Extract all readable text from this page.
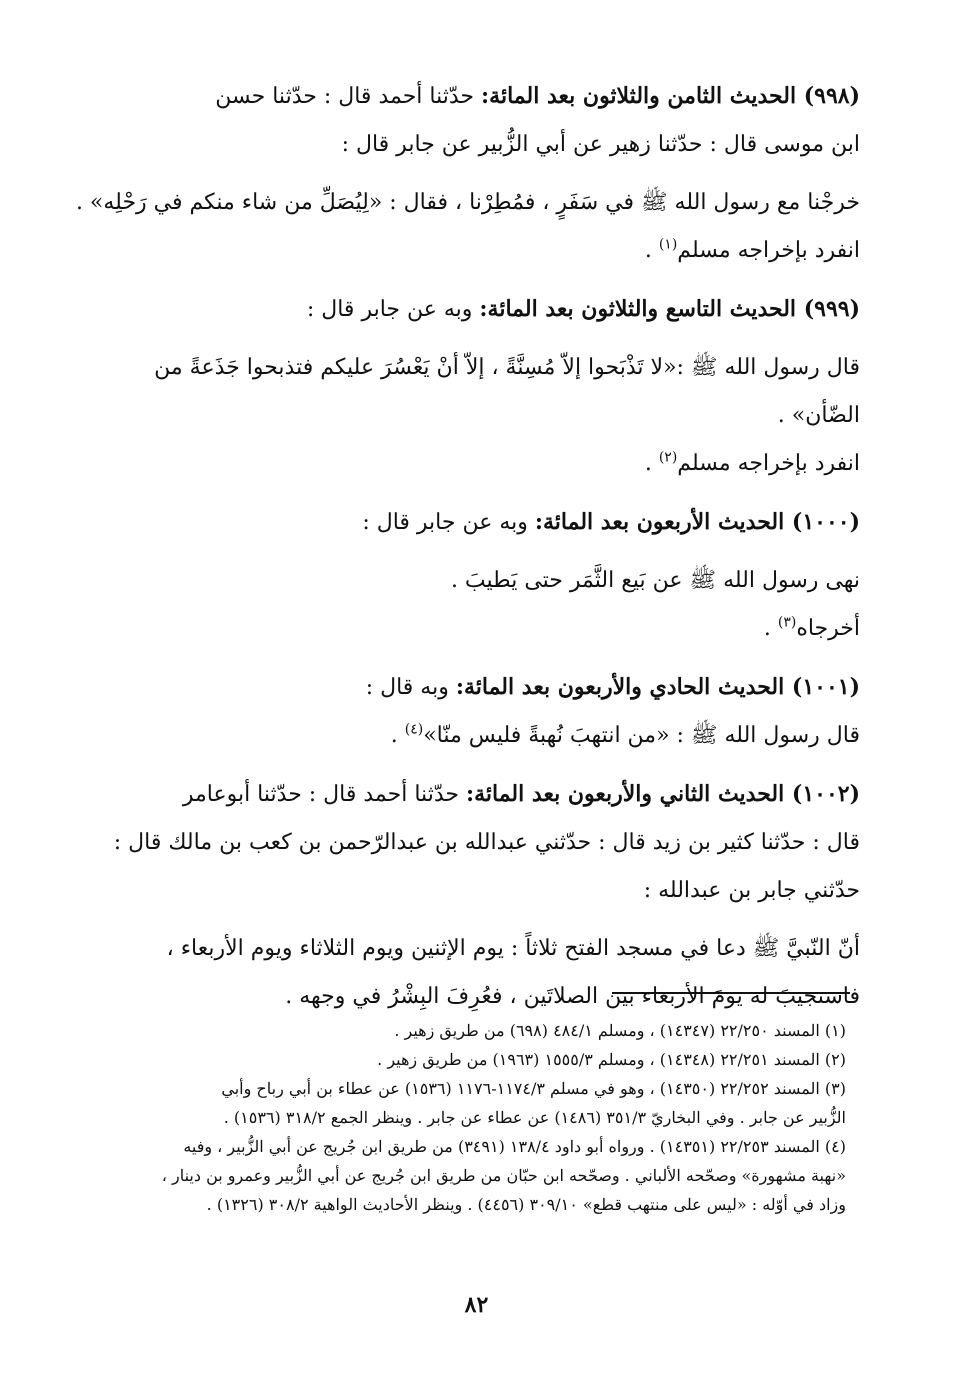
(٩٩٨) الحديث الثامن والثلاثون بعد المائة: حدّثنا أحمد قال : حدّثنا حسن
ابن موسى قال : حدّثنا زهير عن أبي الزُّبير عن جابر قال :
خرجْنا مع رسول الله ﷺ في سَفَرٍ ، فمُطِرْنا ، فقال : «لِيُصَلِّ من شاء منكم في رَحْلِه» .
انفرد بإخراجه مسلم$^{(١)}$ .
(٩٩٩) الحديث التاسع والثلاثون بعد المائة: وبه عن جابر قال :
قال رسول الله ﷺ :«لا تَذْبَحوا إلاّ مُسِنَّةً ، إلاّ أنْ يَعْسُرَ عليكم فتذبحوا جَذَعةً من
الضّأن» .
انفرد بإخراجه مسلم$^{(٢)}$ .
(١٠٠٠) الحديث الأربعون بعد المائة: وبه عن جابر قال :
نهى رسول الله ﷺ عن بَيع الثَّمَر حتى يَطيبَ .
أخرجاه$^{(٣)}$ .
(١٠٠١) الحديث الحادي والأربعون بعد المائة: وبه قال :
قال رسول الله ﷺ : «من انتهبَ نُهبةً فليس منّا»$^{(٤)}$ .
(١٠٠٢) الحديث الثاني والأربعون بعد المائة: حدّثنا أحمد قال : حدّثنا أبوعامر
قال : حدّثنا كثير بن زيد قال : حدّثني عبدالله بن عبدالرّحمن بن كعب بن مالك قال :
حدّثني جابر بن عبدالله :
أنّ النّبيَّ ﷺ دعا في مسجد الفتح ثلاثاً : يوم الإثنين ويوم الثلاثاء ويوم الأربعاء ،
فاستجيبَ له يومَ الأربعاء بين الصلاتَين ، فعُرِفَ البِشْرُ في وجهه .
(١) المسند ٢٢/٢٥٠ (١٤٣٤٧) ، ومسلم ٤٨٤/١ (٦٩٨) من طريق زهير .
(٢) المسند ٢٢/٢٥١ (١٤٣٤٨) ، ومسلم ١٥٥٥/٣ (١٩٦٣) من طريق زهير .
(٣) المسند ٢٢/٢٥٢ (١٤٣٥٠) ، وهو في مسلم ١١٧٤/٣-١١٧٦ (١٥٣٦) عن عطاء بن أبي رباح وأبي
الزُّبير عن جابر . وفي البخاريّ ٣٥١/٣ (١٤٨٦) عن عطاء عن جابر . وينظر الجمع ٣١٨/٢ (١٥٣٦) .
(٤) المسند ٢٢/٢٥٣ (١٤٣٥١) . ورواه أبو داود ١٣٨/٤ (٣٤٩١) من طريق ابن جُريج عن أبي الزُّبير ، وفيه
«نهبة مشهورة» وصحّحه الألباني . وصحّحه ابن حبّان من طريق ابن جُريج عن أبي الزُّبير وعمرو بن دينار ،
وزاد في أوّله : «ليس على منتهب قطع» ٣٠٩/١٠ (٤٤٥٦) . وينظر الأحاديث الواهية ٣٠٨/٢ (١٣٢٦) .
٨٢
